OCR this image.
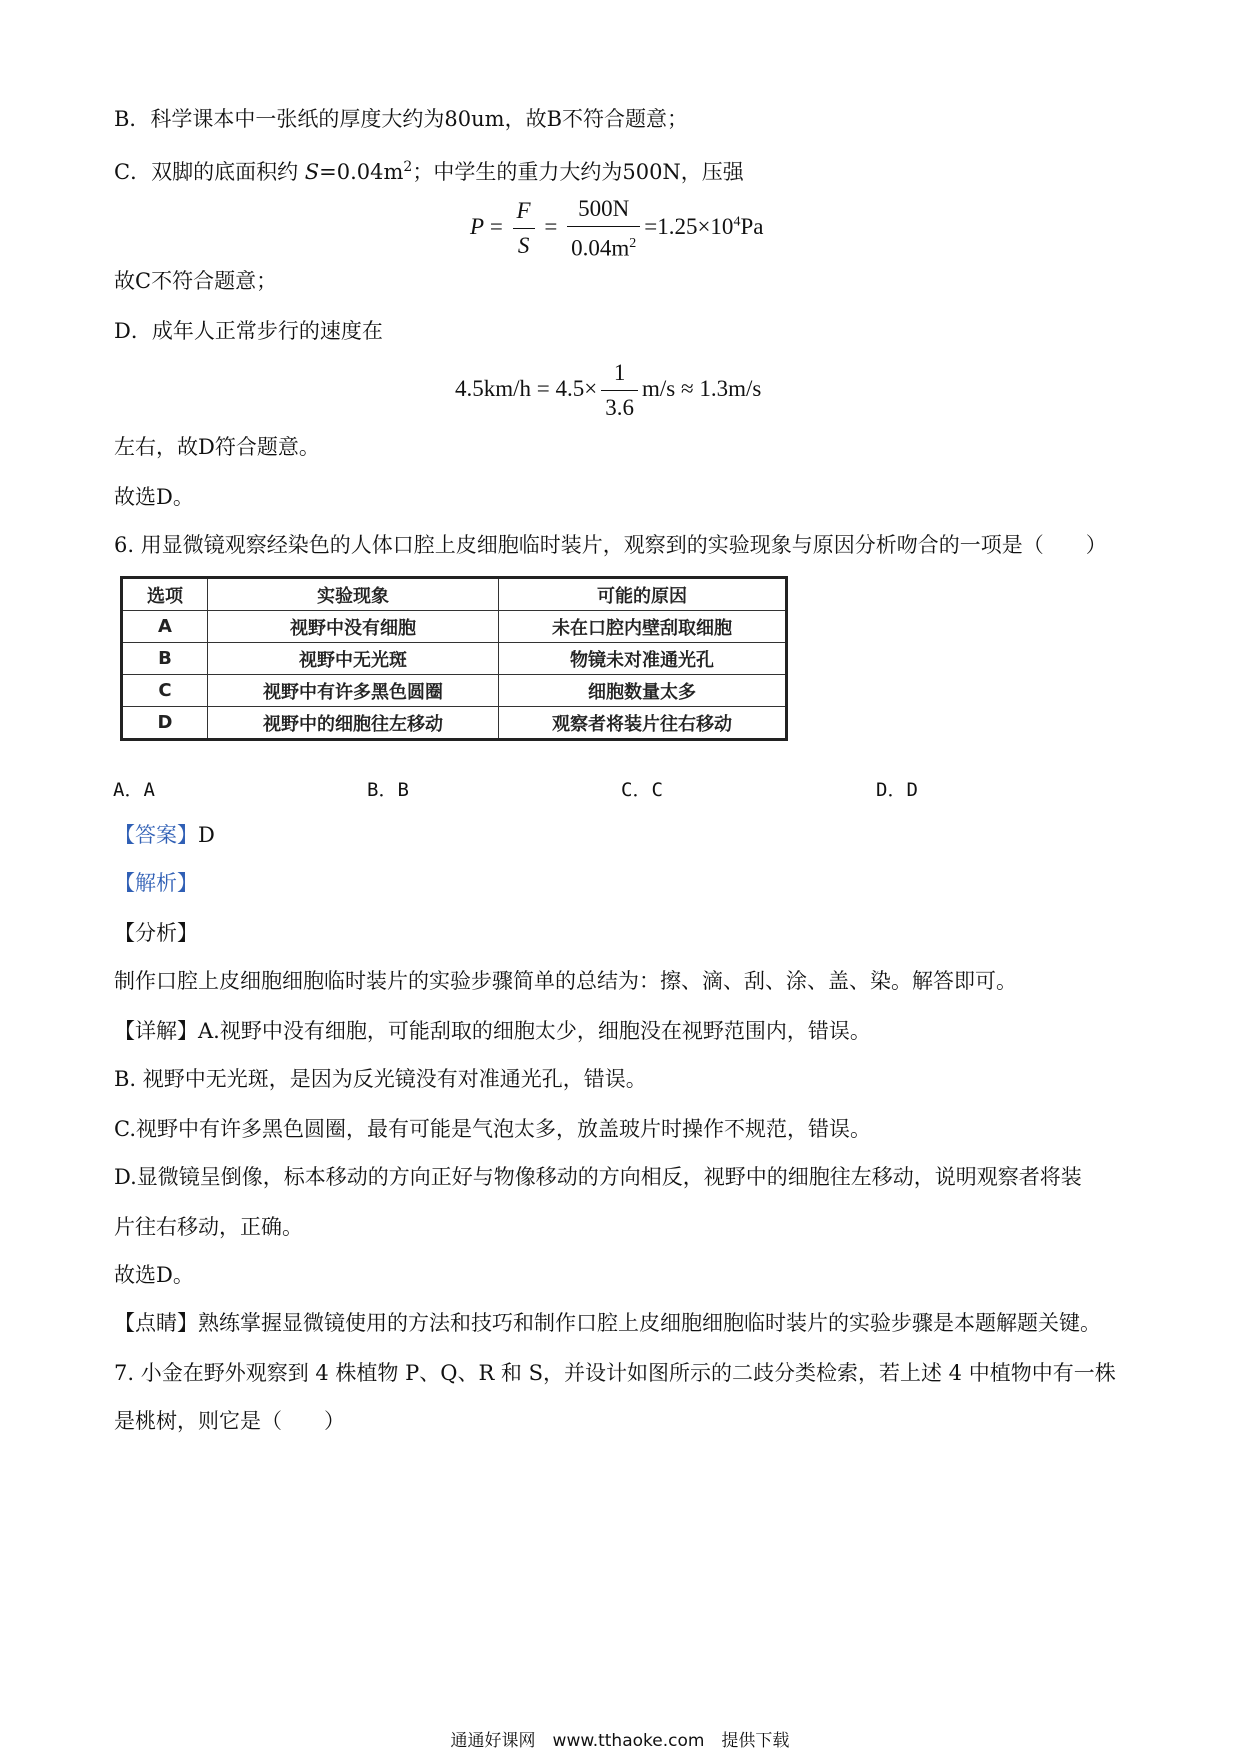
B．科学课本中一张纸的厚度大约为80um，故B不符合题意；
C．双脚的底面积约 $S=0.04m^2$；中学生的重力大约为500N，压强
$P = \frac{F}{S} = \frac{500N}{0.04m^2} =1.25\times 10^4Pa$
故C不符合题意；
D．成年人正常步行的速度在
$4.5km/h = 4.5\times \frac{1}{3.6} m/s \approx 1.3m/s$
左右，故D符合题意。
故选D。
6. 用显微镜观察经染色的人体口腔上皮细胞临时装片，观察到的实验现象与原因分析吻合的一项是（　　）
选项	实验现象	可能的原因
A	视野中没有细胞	未在口腔内壁刮取细胞
B	视野中无光斑	物镜未对准通光孔
C	视野中有许多黑色圆圈	细胞数量太多
D	视野中的细胞往左移动	观察者将装片往右移动
A．A	B．B	C．C	D．D
【答案】D
【解析】
【分析】
制作口腔上皮细胞细胞临时装片的实验步骤简单的总结为：擦、滴、刮、涂、盖、染。解答即可。
【详解】A.视野中没有细胞，可能刮取的细胞太少，细胞没在视野范围内，错误。
B. 视野中无光斑，是因为反光镜没有对准通光孔，错误。
C.视野中有许多黑色圆圈，最有可能是气泡太多，放盖玻片时操作不规范，错误。
D.显微镜呈倒像，标本移动的方向正好与物像移动的方向相反，视野中的细胞往左移动，说明观察者将装
片往右移动，正确。
故选D。
【点睛】熟练掌握显微镜使用的方法和技巧和制作口腔上皮细胞细胞临时装片的实验步骤是本题解题关键。
7. 小金在野外观察到 4 株植物 P、Q、R 和 S，并设计如图所示的二歧分类检索，若上述 4 中植物中有一株
是桃树，则它是（　　）
通通好课网　www.tthaoke.com　提供下载
